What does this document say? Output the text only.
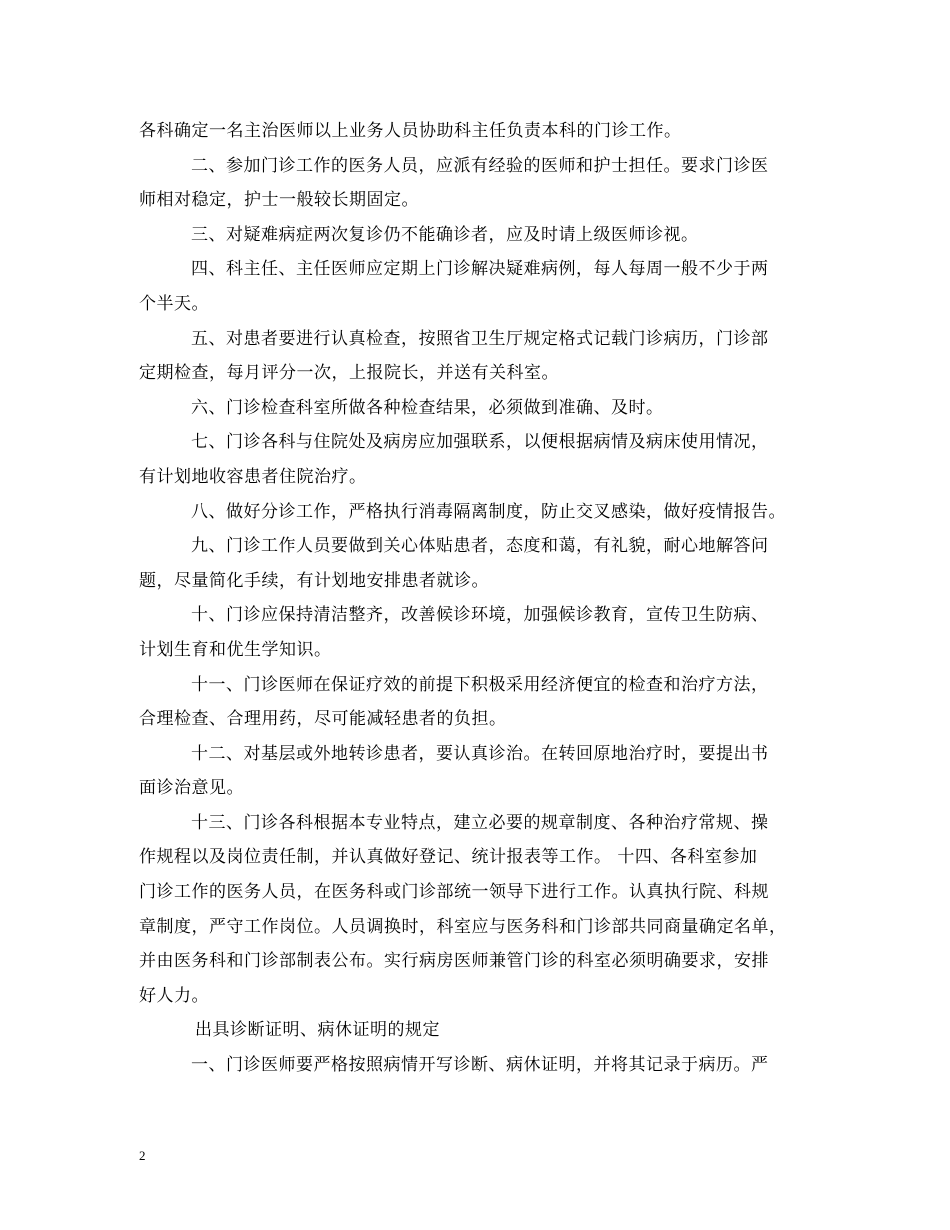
各科确定一名主治医师以上业务人员协助科主任负责本科的门诊工作。
二、参加门诊工作的医务人员，应派有经验的医师和护士担任。要求门诊医
师相对稳定，护士一般较长期固定。
三、对疑难病症两次复诊仍不能确诊者，应及时请上级医师诊视。
四、科主任、主任医师应定期上门诊解决疑难病例，每人每周一般不少于两
个半天。
五、对患者要进行认真检查，按照省卫生厅规定格式记载门诊病历，门诊部
定期检查，每月评分一次，上报院长，并送有关科室。
六、门诊检查科室所做各种检查结果，必须做到准确、及时。
七、门诊各科与住院处及病房应加强联系，以便根据病情及病床使用情况，
有计划地收容患者住院治疗。
八、做好分诊工作，严格执行消毒隔离制度，防止交叉感染，做好疫情报告。
九、门诊工作人员要做到关心体贴患者，态度和蔼，有礼貌，耐心地解答问
题，尽量简化手续，有计划地安排患者就诊。
十、门诊应保持清洁整齐，改善候诊环境，加强候诊教育，宣传卫生防病、
计划生育和优生学知识。
十一、门诊医师在保证疗效的前提下积极采用经济便宜的检查和治疗方法，
合理检查、合理用药，尽可能减轻患者的负担。
十二、对基层或外地转诊患者，要认真诊治。在转回原地治疗时，要提出书
面诊治意见。
十三、门诊各科根据本专业特点，建立必要的规章制度、各种治疗常规、操
作规程以及岗位责任制，并认真做好登记、统计报表等工作。 十四、各科室参加
门诊工作的医务人员，在医务科或门诊部统一领导下进行工作。认真执行院、科规
章制度，严守工作岗位。人员调换时，科室应与医务科和门诊部共同商量确定名单，
并由医务科和门诊部制表公布。实行病房医师兼管门诊的科室必须明确要求，安排
好人力。
出具诊断证明、病休证明的规定
一、门诊医师要严格按照病情开写诊断、病休证明，并将其记录于病历。严
2
